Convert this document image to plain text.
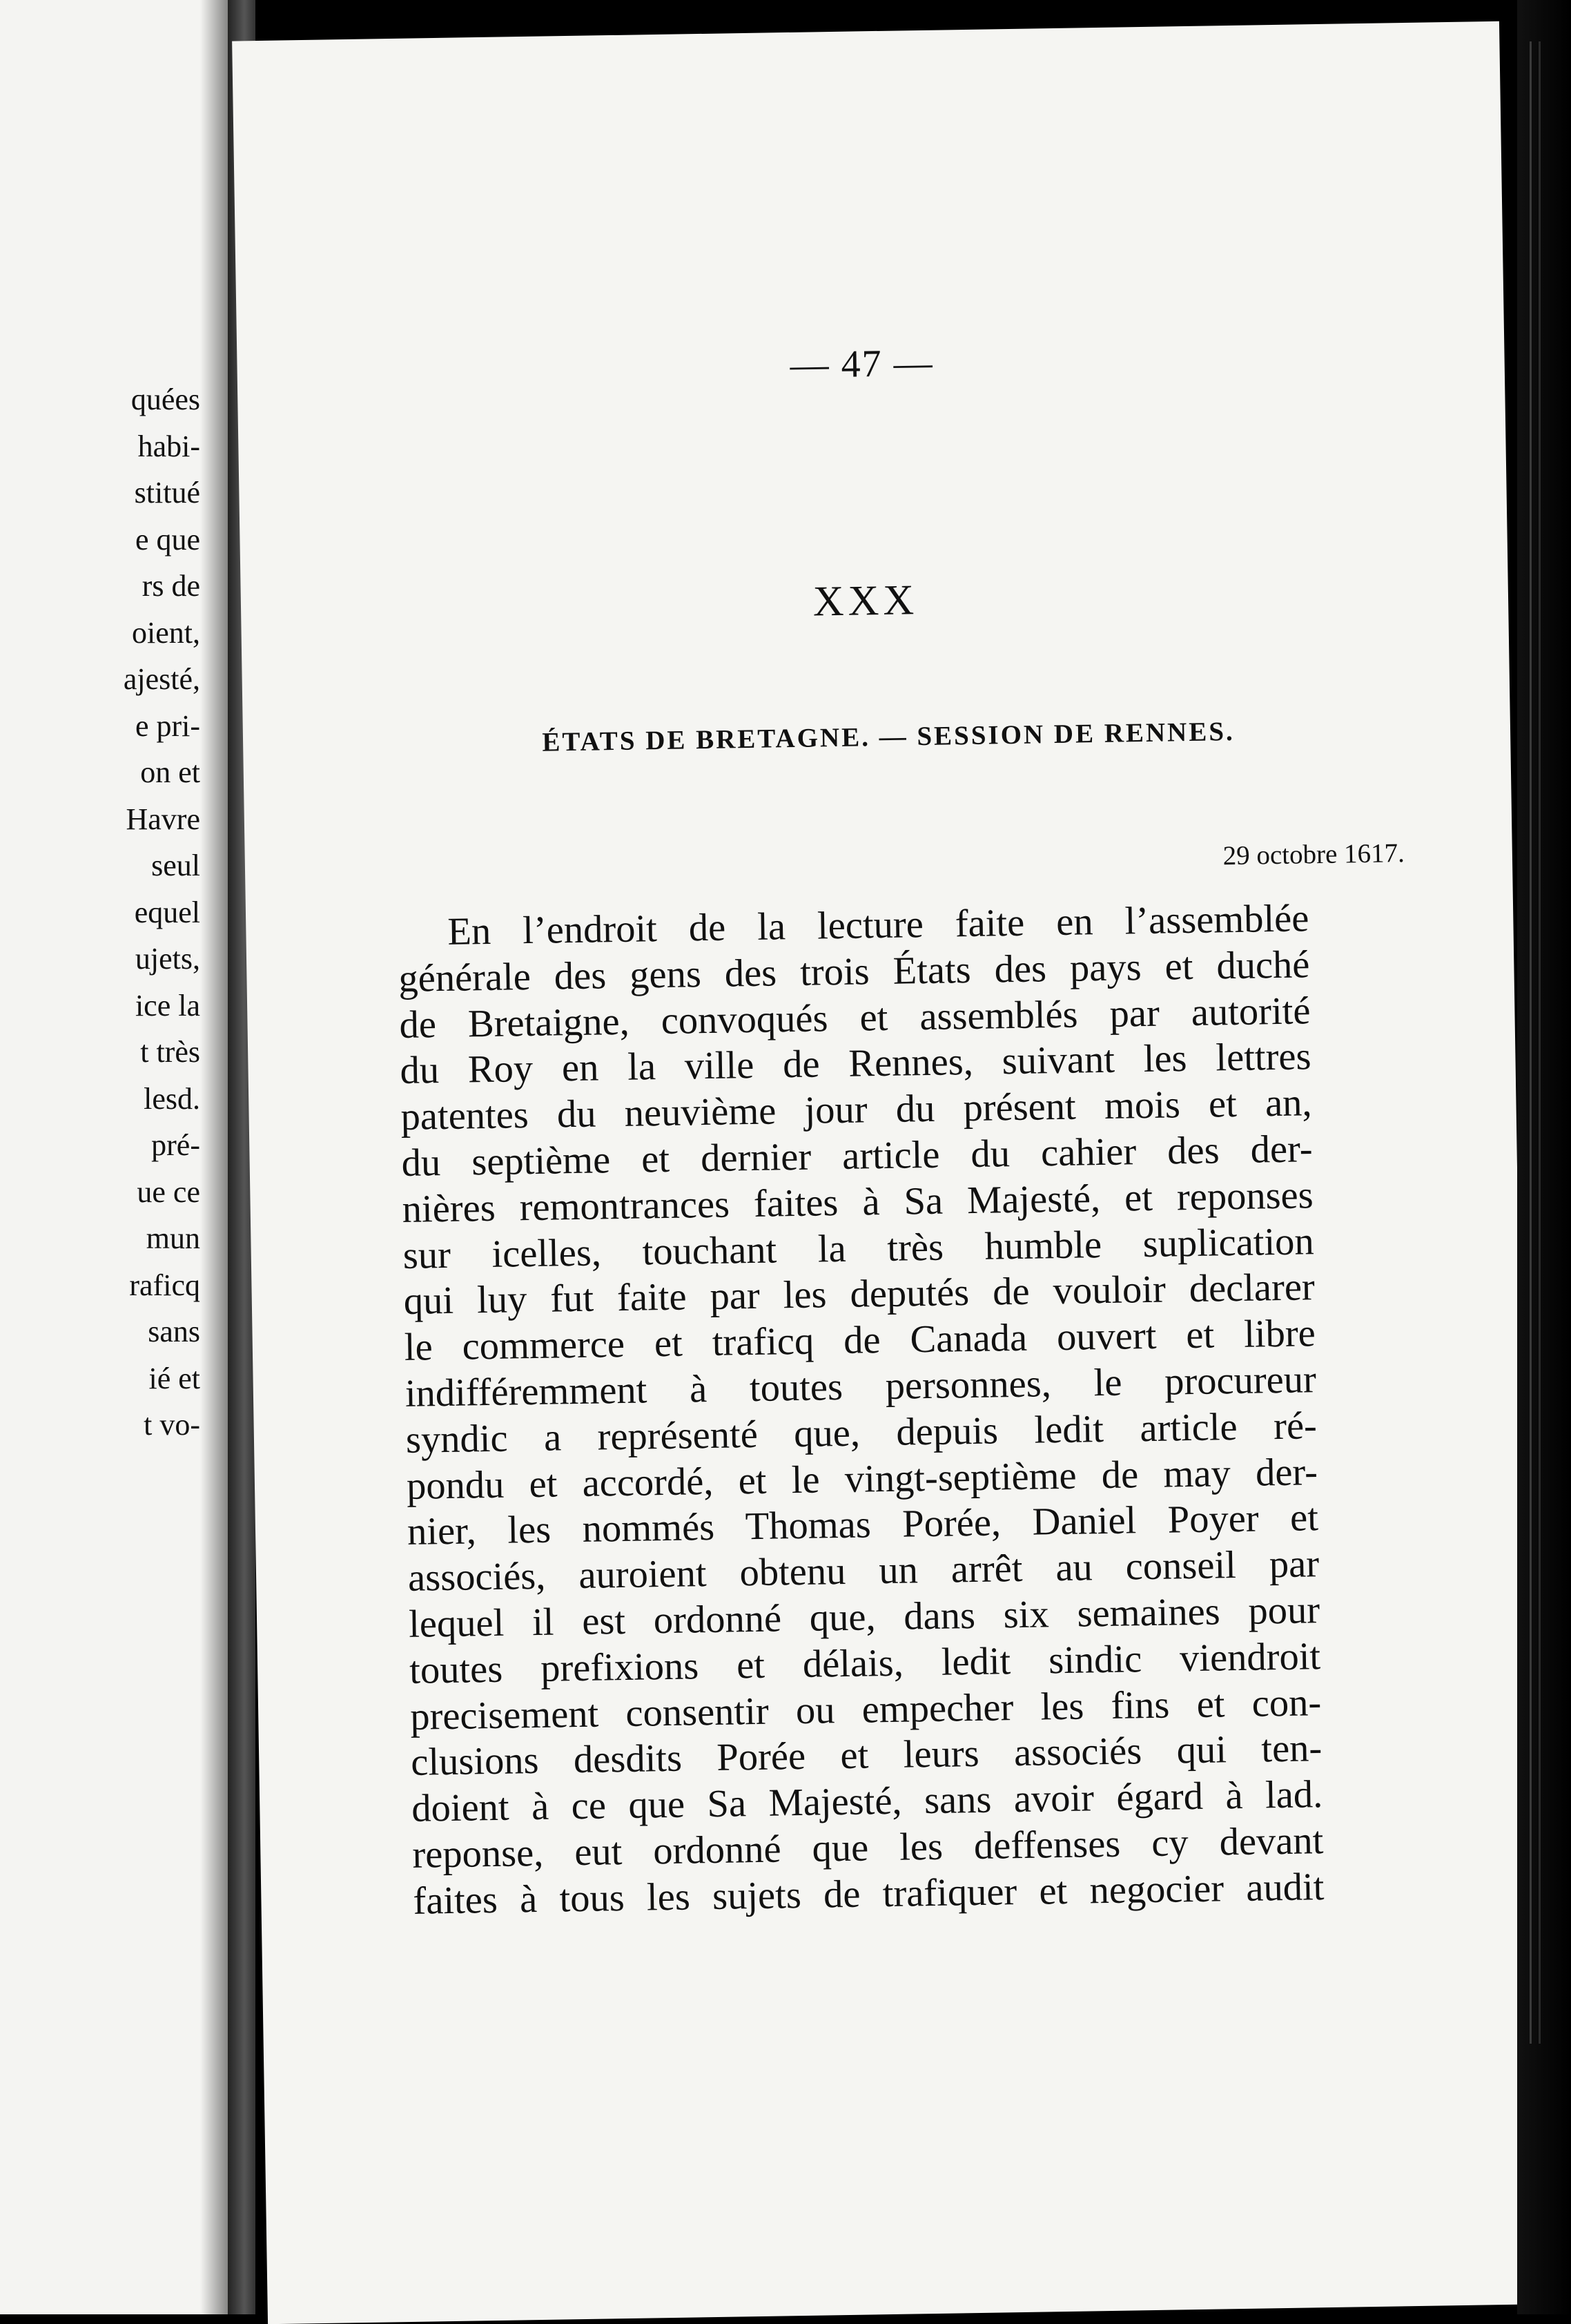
quées
habi-
stitué
e que
rs de
oient,
ajesté,
e pri-
on et
Havre
seul
equel
ujets,
ice la
t très
lesd.
pré-
ue ce
mun
raficq
sans
ié et
t vo-
— 47 —
XXX
ÉTATS DE BRETAGNE. — SESSION DE RENNES.
29 octobre 1617.
En l’endroit de la lecture faite en l’assemblée
générale des gens des trois États des pays et duché
de Bretaigne, convoqués et assemblés par autorité
du Roy en la ville de Rennes, suivant les lettres
patentes du neuvième jour du présent mois et an,
du septième et dernier article du cahier des der-
nières remontrances faites à Sa Majesté, et reponses
sur icelles, touchant la très humble suplication
qui luy fut faite par les deputés de vouloir declarer
le commerce et traficq de Canada ouvert et libre
indifféremment à toutes personnes, le procureur
syndic a représenté que, depuis ledit article ré-
pondu et accordé, et le vingt-septième de may der-
nier, les nommés Thomas Porée, Daniel Poyer et
associés, auroient obtenu un arrêt au conseil par
lequel il est ordonné que, dans six semaines pour
toutes prefixions et délais, ledit sindic viendroit
precisement consentir ou empecher les fins et con-
clusions desdits Porée et leurs associés qui ten-
doient à ce que Sa Majesté, sans avoir égard à lad.
reponse, eut ordonné que les deffenses cy devant
faites à tous les sujets de trafiquer et negocier audit
